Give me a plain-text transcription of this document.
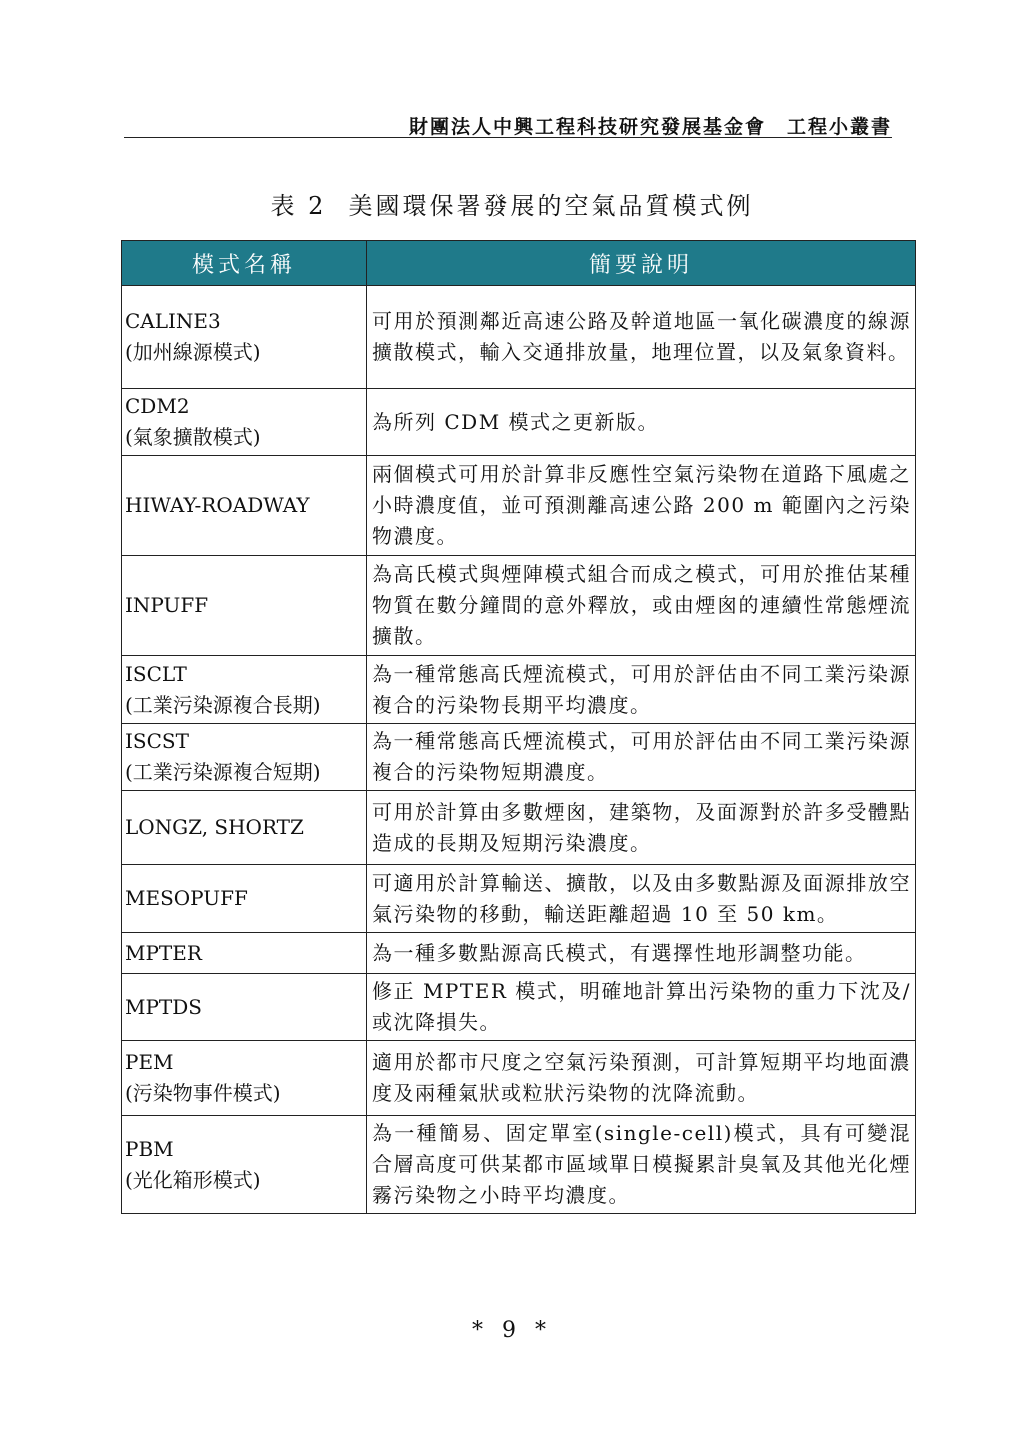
財團法人中興工程科技研究發展基金會　工程小叢書
表 2 美國環保署發展的空氣品質模式例
模式名稱	簡要說明
CALINE3
(加州線源模式)	可用於預測鄰近高速公路及幹道地區一氧化碳濃度的線源擴散模式，輸入交通排放量，地理位置，以及氣象資料。
CDM2
(氣象擴散模式)	為所列 CDM 模式之更新版。
HIWAY-ROADWAY	兩個模式可用於計算非反應性空氣污染物在道路下風處之小時濃度值，並可預測離高速公路 200 m 範圍內之污染物濃度。
INPUFF	為高氏模式與煙陣模式組合而成之模式，可用於推估某種物質在數分鐘間的意外釋放，或由煙囪的連續性常態煙流擴散。
ISCLT
(工業污染源複合長期)	為一種常態高氏煙流模式，可用於評估由不同工業污染源複合的污染物長期平均濃度。
ISCST
(工業污染源複合短期)	為一種常態高氏煙流模式，可用於評估由不同工業污染源複合的污染物短期濃度。
LONGZ, SHORTZ	可用於計算由多數煙囪，建築物，及面源對於許多受體點造成的長期及短期污染濃度。
MESOPUFF	可適用於計算輸送、擴散，以及由多數點源及面源排放空氣污染物的移動，輸送距離超過 10 至 50 km。
MPTER	為一種多數點源高氏模式，有選擇性地形調整功能。
MPTDS	修正 MPTER 模式，明確地計算出污染物的重力下沈及/或沈降損失。
PEM
(污染物事件模式)	適用於都市尺度之空氣污染預測，可計算短期平均地面濃度及兩種氣狀或粒狀污染物的沈降流動。
PBM
(光化箱形模式)	為一種簡易、固定單室(single-cell)模式，具有可變混合層高度可供某都市區域單日模擬累計臭氧及其他光化煙霧污染物之小時平均濃度。
* 9 *
